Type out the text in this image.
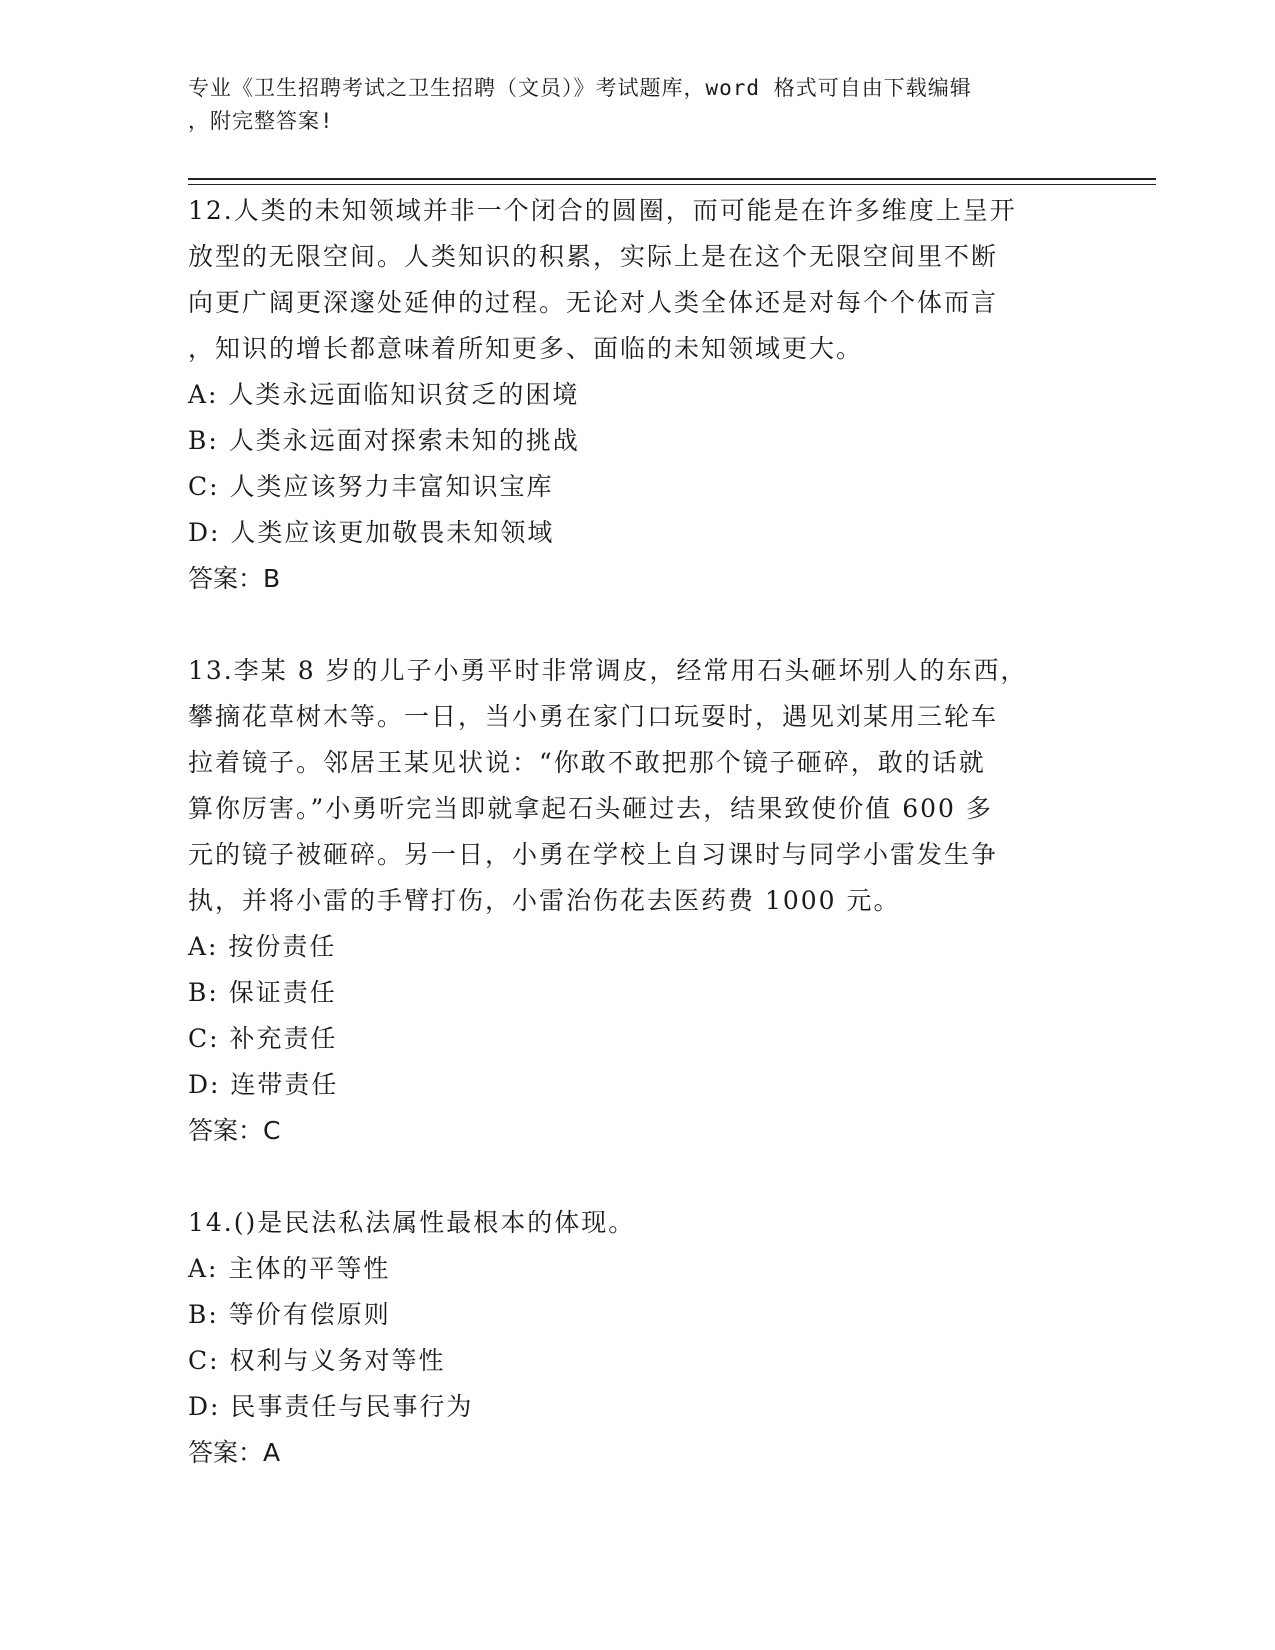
专业《卫生招聘考试之卫生招聘（文员）》考试题库，word 格式可自由下载编辑
，附完整答案!
12.人类的未知领域并非一个闭合的圆圈，而可能是在许多维度上呈开
放型的无限空间。人类知识的积累，实际上是在这个无限空间里不断
向更广阔更深邃处延伸的过程。无论对人类全体还是对每个个体而言
，知识的增长都意味着所知更多、面临的未知领域更大。
A: 人类永远面临知识贫乏的困境
B: 人类永远面对探索未知的挑战
C: 人类应该努力丰富知识宝库
D: 人类应该更加敬畏未知领域
答案：B
13.李某 8 岁的儿子小勇平时非常调皮，经常用石头砸坏别人的东西，
攀摘花草树木等。一日，当小勇在家门口玩耍时，遇见刘某用三轮车
拉着镜子。邻居王某见状说：“你敢不敢把那个镜子砸碎，敢的话就
算你厉害。”小勇听完当即就拿起石头砸过去，结果致使价值 600 多
元的镜子被砸碎。另一日，小勇在学校上自习课时与同学小雷发生争
执，并将小雷的手臂打伤，小雷治伤花去医药费 1000 元。
A: 按份责任
B: 保证责任
C: 补充责任
D: 连带责任
答案：C
14.()是民法私法属性最根本的体现。
A: 主体的平等性
B: 等价有偿原则
C: 权利与义务对等性
D: 民事责任与民事行为
答案：A
